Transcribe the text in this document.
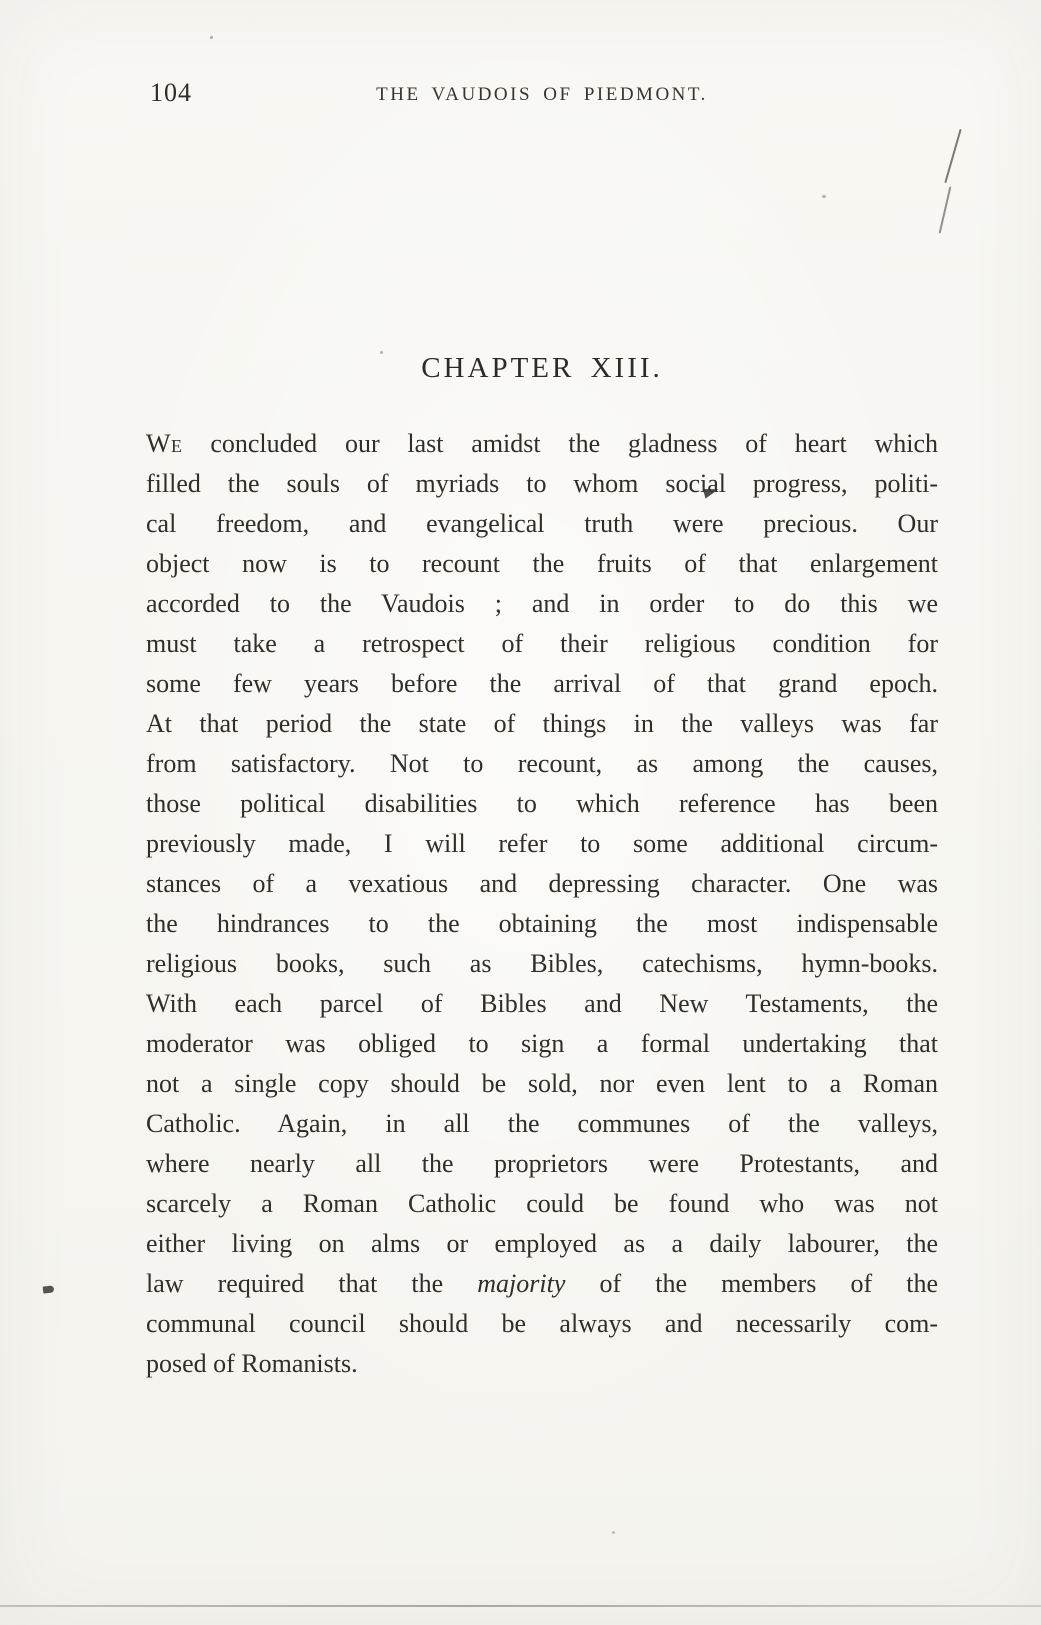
104	THE VAUDOIS OF PIEDMONT.
CHAPTER XIII.
We concluded our last amidst the gladness of heart which
filled the souls of myriads to whom social progress, politi-
cal freedom, and evangelical truth were precious. Our
object now is to recount the fruits of that enlargement
accorded to the Vaudois ; and in order to do this we
must take a retrospect of their religious condition for
some few years before the arrival of that grand epoch.
At that period the state of things in the valleys was far
from satisfactory. Not to recount, as among the causes,
those political disabilities to which reference has been
previously made, I will refer to some additional circum-
stances of a vexatious and depressing character. One was
the hindrances to the obtaining the most indispensable
religious books, such as Bibles, catechisms, hymn-books.
With each parcel of Bibles and New Testaments, the
moderator was obliged to sign a formal undertaking that
not a single copy should be sold, nor even lent to a Roman
Catholic. Again, in all the communes of the valleys,
where nearly all the proprietors were Protestants, and
scarcely a Roman Catholic could be found who was not
either living on alms or employed as a daily labourer, the
law required that the majority of the members of the
communal council should be always and necessarily com-
posed of Romanists.
